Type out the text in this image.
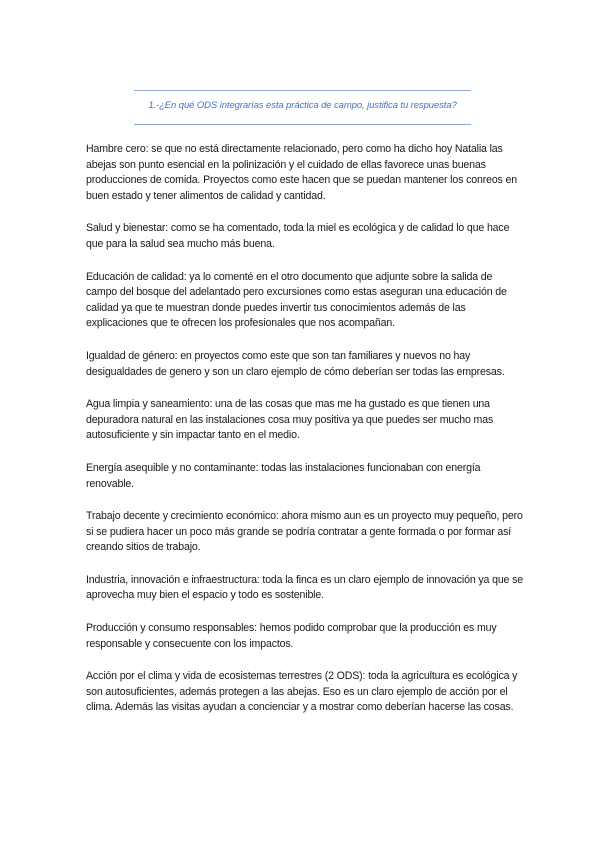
1.-¿En qué ODS integrarías esta práctica de campo, justifica tu respuesta?

Hambre cero: se que no está directamente relacionado, pero como ha dicho hoy Natalia las abejas son punto esencial en la polinización y el cuidado de ellas favorece unas buenas producciones de comida. Proyectos como este hacen que se puedan mantener los conreos en buen estado y tener alimentos de calidad y cantidad.

Salud y bienestar: como se ha comentado, toda la miel es ecológica y de calidad lo que hace que para la salud sea mucho más buena.

Educación de calidad: ya lo comenté en el otro documento que adjunte sobre la salida de campo del bosque del adelantado pero excursiones como estas aseguran una educación de calidad ya que te muestran donde puedes invertir tus conocimientos además de las explicaciones que te ofrecen los profesionales que nos acompañan.

Igualdad de género: en proyectos como este que son tan familiares y nuevos no hay desigualdades de genero y son un claro ejemplo de cómo deberían ser todas las empresas.

Agua limpia y saneamiento: una de las cosas que mas me ha gustado es que tienen una depuradora natural en las instalaciones cosa muy positiva ya que puedes ser mucho mas autosuficiente y sin impactar tanto en el medio.

Energía asequible y no contaminante: todas las instalaciones funcionaban con energía renovable.

Trabajo decente y crecimiento económico: ahora mismo aun es un proyecto muy pequeño, pero si se pudiera hacer un poco más grande se podría contratar a gente formada o por formar así creando sitios de trabajo.

Industria, innovación e infraestructura: toda la finca es un claro ejemplo de innovación ya que se aprovecha muy bien el espacio y todo es sostenible.

Producción y consumo responsables: hemos podido comprobar que la producción es muy responsable y consecuente con los impactos.

Acción por el clima y vida de ecosistemas terrestres (2 ODS): toda la agricultura es ecológica y son autosuficientes, además protegen a las abejas. Eso es un claro ejemplo de acción por el clima. Además las visitas ayudan a concienciar y a mostrar como deberían hacerse las cosas.
